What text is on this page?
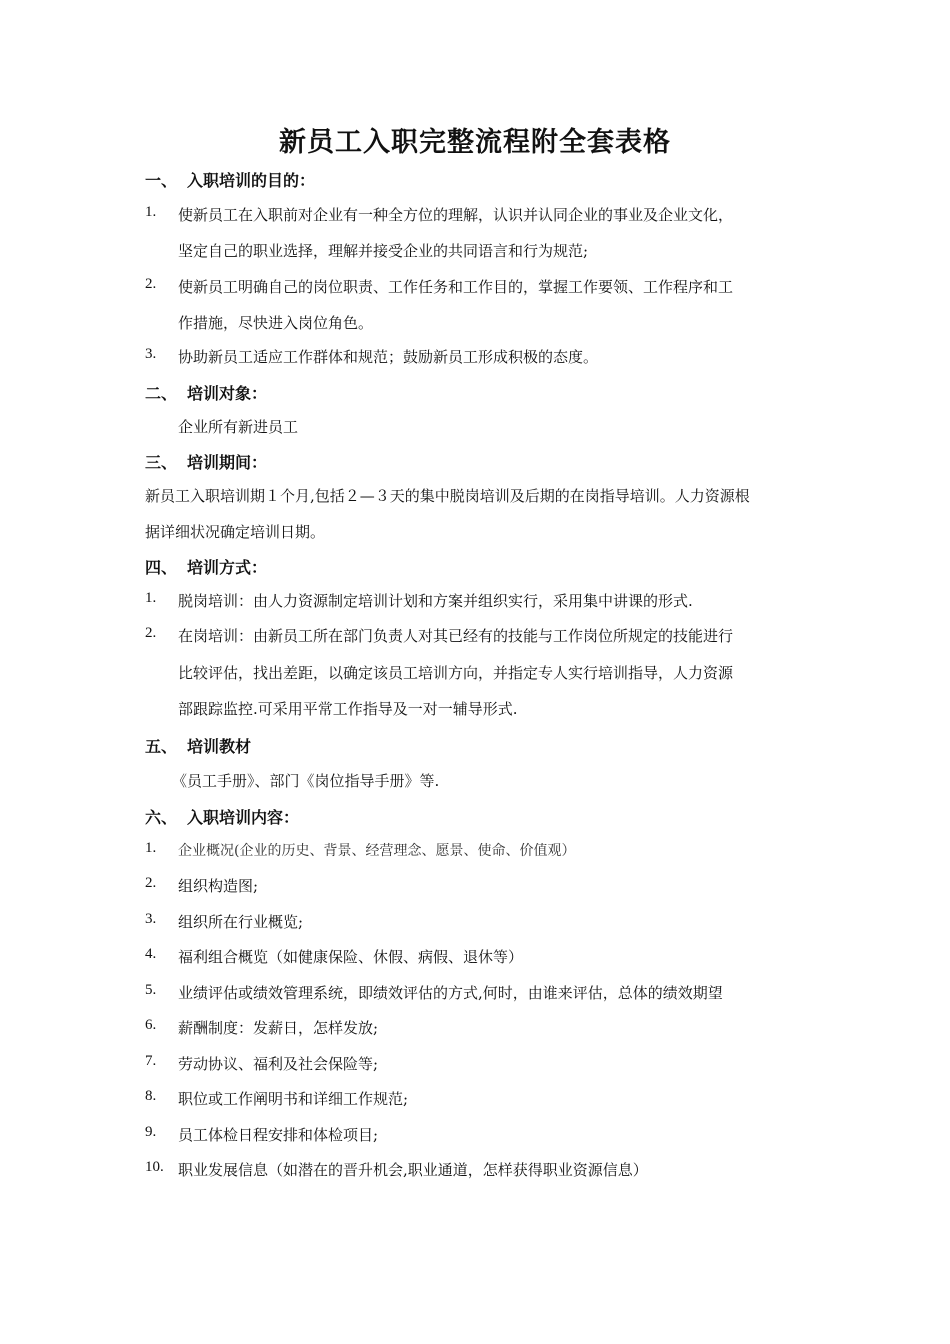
新员工入职完整流程附全套表格
一、 入职培训的目的：
1. 使新员工在入职前对企业有一种全方位的理解，认识并认同企业的事业及企业文化，
坚定自己的职业选择，理解并接受企业的共同语言和行为规范;
2. 使新员工明确自己的岗位职责、工作任务和工作目的，掌握工作要领、工作程序和工
作措施，尽快进入岗位角色。
3. 协助新员工适应工作群体和规范；鼓励新员工形成积极的态度。
二、 培训对象：
企业所有新进员工
三、 培训期间：
新员工入职培训期１个月,包括２—３天的集中脱岗培训及后期的在岗指导培训。人力资源根
据详细状况确定培训日期。
四、 培训方式：
1. 脱岗培训：由人力资源制定培训计划和方案并组织实行，采用集中讲课的形式.
2. 在岗培训：由新员工所在部门负责人对其已经有的技能与工作岗位所规定的技能进行
比较评估，找出差距，以确定该员工培训方向，并指定专人实行培训指导，人力资源
部跟踪监控.可采用平常工作指导及一对一辅导形式.
五、 培训教材
《员工手册》、部门《岗位指导手册》等.
六、 入职培训内容：
1. 企业概况(企业的历史、背景、经营理念、愿景、使命、价值观）
2. 组织构造图;
3. 组织所在行业概览;
4. 福利组合概览（如健康保险、休假、病假、退休等）
5. 业绩评估或绩效管理系统，即绩效评估的方式,何时，由谁来评估，总体的绩效期望
6. 薪酬制度：发薪日，怎样发放;
7. 劳动协议、福利及社会保险等;
8. 职位或工作阐明书和详细工作规范;
9. 员工体检日程安排和体检项目;
10. 职业发展信息（如潜在的晋升机会,职业通道，怎样获得职业资源信息）
